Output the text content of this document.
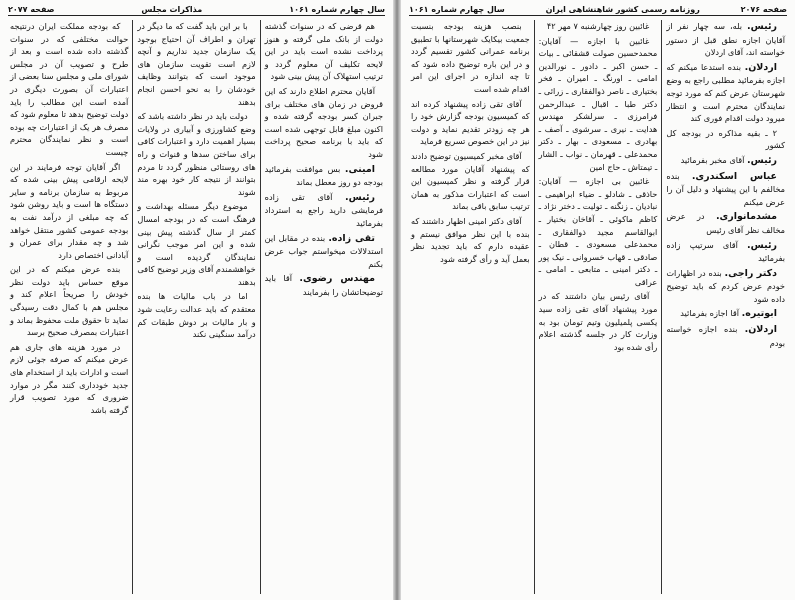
سال چهارم شماره ۱۰۶۱
مذاکرات مجلس
صفحه ۲۰۷۷

هم قرضی که در سنوات گذشته دولت از بانک ملی گرفته و هنوز پرداخت نشده است باید در این لایحه تکلیف آن معلوم گردد و ترتیب استهلاک آن پیش بینی شود

آقایان محترم اطلاع دارند که این قروض در زمان های مختلف برای جبران کسر بودجه گرفته شده و اکنون مبلغ قابل توجهی شده است که باید با برنامه صحیح پرداخت شود

امینی. بس موافقت بفرمائید بودجه دو روز معطل بماند

رئیس. آقای تقی زاده فرمایشی دارید راجع به استرداد بفرمائید

تقی زاده. بنده در مقابل این استدلالات میخواستم جواب عرض بکنم

مهندس رضوی. آقا باید توضیحاتشان را بفرمایند

با بر این باید گفت که ما دیگر در تهران و اطراف آن احتیاج بوجود یک سازمان جدید نداریم و آنچه لازم است تقویت سازمان های موجود است که بتوانند وظایف خودشان را به نحو احسن انجام بدهند

دولت باید در نظر داشته باشد که وضع کشاورزی و آبیاری در ولایات بسیار اهمیت دارد و اعتبارات کافی برای ساختن سدها و قنوات و راه های روستائی منظور گردد تا مردم بتوانند از نتیجه کار خود بهره مند شوند

موضوع دیگر مسئله بهداشت و فرهنگ است که در بودجه امسال کمتر از سال گذشته پیش بینی شده و این امر موجب نگرانی نمایندگان گردیده است و خواهشمندم آقای وزیر توضیح کافی بدهند

اما در باب مالیات ها بنده معتقدم که باید عدالت رعایت شود و بار مالیات بر دوش طبقات کم درآمد سنگینی نکند

که بودجه مملکت ایران درنتیجه حوالت مختلفی که در سنوات گذشته داده شده است و بعد از طرح و تصویب آن در مجلس شورای ملی و مجلس سنا بعضی از اعتبارات آن بصورت دیگری در آمده است این مطالب را باید دولت توضیح بدهد تا معلوم شود که مصرف هر یک از اعتبارات چه بوده است و نظر نمایندگان محترم چیست

اگر آقایان توجه فرمایند در این لایحه ارقامی پیش بینی شده که مربوط به سازمان برنامه و سایر دستگاه ها است و باید روشن شود که چه مبلغی از درآمد نفت به بودجه عمومی کشور منتقل خواهد شد و چه مقدار برای عمران و آبادانی اختصاص دارد

بنده عرض میکنم که در این موقع حساس باید دولت نظر خودش را صریحاً اعلام کند و مجلس هم با کمال دقت رسیدگی نماید تا حقوق ملت محفوظ بماند و اعتبارات بمصرف صحیح برسد

در مورد هزینه های جاری هم عرض میکنم که صرفه جوئی لازم است و ادارات باید از استخدام های جدید خودداری کنند مگر در موارد ضروری که مورد تصویب قرار گرفته باشد

صفحه ۲۰۷۶
روزنامه رسمی کشور شاهنشاهی ایران
سال چهارم شماره ۱۰۶۱

رئیس. بله، سه چهار نفر از آقایان اجازه نطق قبل از دستور خواسته اند، آقای اردلان

اردلان. بنده استدعا میکنم که اجازه بفرمائید مطلبی راجع به وضع شهرستان عرض کنم که مورد توجه نمایندگان محترم است و انتظار میرود دولت اقدام فوری کند

۲ ـ بقیه مذاکره در بودجه کل کشور

رئیس. آقای مخبر بفرمائید

عباس اسکندری. بنده مخالفم با این پیشنهاد و دلیل آن را عرض میکنم

مشدمانواری. در عرض مخالف نظر آقای رئیس

رئیس. آقای سرتیپ زاده بفرمائید

دکتر راجی. بنده در اظهارات خودم عرض کردم که باید توضیح داده شود

ابوتیره. آقا اجازه بفرمائید

اردلان. بنده اجازه خواسته بودم

غائبین روز چهارشنبه ۷ مهر ۴۲

غائبین با اجازه — آقایان: محمدحسین صولت قشقائی ـ بیات ـ حسن اکبر ـ دادور ـ نورالدین امامی ـ اورنگ ـ امیران ـ فخر بختیاری ـ ناصر ذوالفقاری ـ زرائی ـ دکتر طبا ـ اقبال ـ عبدالرحمن فرامرزی ـ سرلشکر مهندس هدایت ـ نیری ـ سرشوی ـ آصف ـ بهادری ـ مسعودی ـ بهار ـ دکتر محمدعلی ـ قهرمان ـ نواب ـ الشار ـ تیمتاش ـ حاج امین

غائبین بی اجازه — آقایان: حاذقی ـ شادلو ـ ضیاء ابراهیمی ـ نبادیان ـ زنگنه ـ تولیت ـ دختر نژاد ـ کاظم ماکوئی ـ آقاخان بختیار ـ ابوالقاسم مجید ذوالفقاری ـ محمدعلی مسعودی ـ قطان ـ صادقی ـ قهاب خسروانی ـ نیک پور ـ دکتر امینی ـ متابعی ـ امامی ـ عراقی

آقای رئیس بیان داشتند که در مورد پیشنهاد آقای تقی زاده سید یکسی پلمیلیون وتیم تومان بود به وزارت کار در جلسه گذشته اعلام رأی شده بود

بنصب هزینه بودجه بنسبت جمعیت بیکایک شهرستانها با تطبیق برنامه عمرانی کشور تقسیم گردد و در این باره توضیح داده شود که تا چه اندازه در اجرای این امر اقدام شده است

آقای تقی زاده پیشنهاد کرده اند که کمیسیون بودجه گزارش خود را هر چه زودتر تقدیم نماید و دولت نیز در این خصوص تسریع فرماید

آقای مخبر کمیسیون توضیح دادند که پیشنهاد آقایان مورد مطالعه قرار گرفته و نظر کمیسیون این است که اعتبارات مذکور به همان ترتیب سابق باقی بماند

آقای دکتر امینی اظهار داشتند که بنده با این نظر موافق نیستم و عقیده دارم که باید تجدید نظر بعمل آید و رأی گرفته شود
